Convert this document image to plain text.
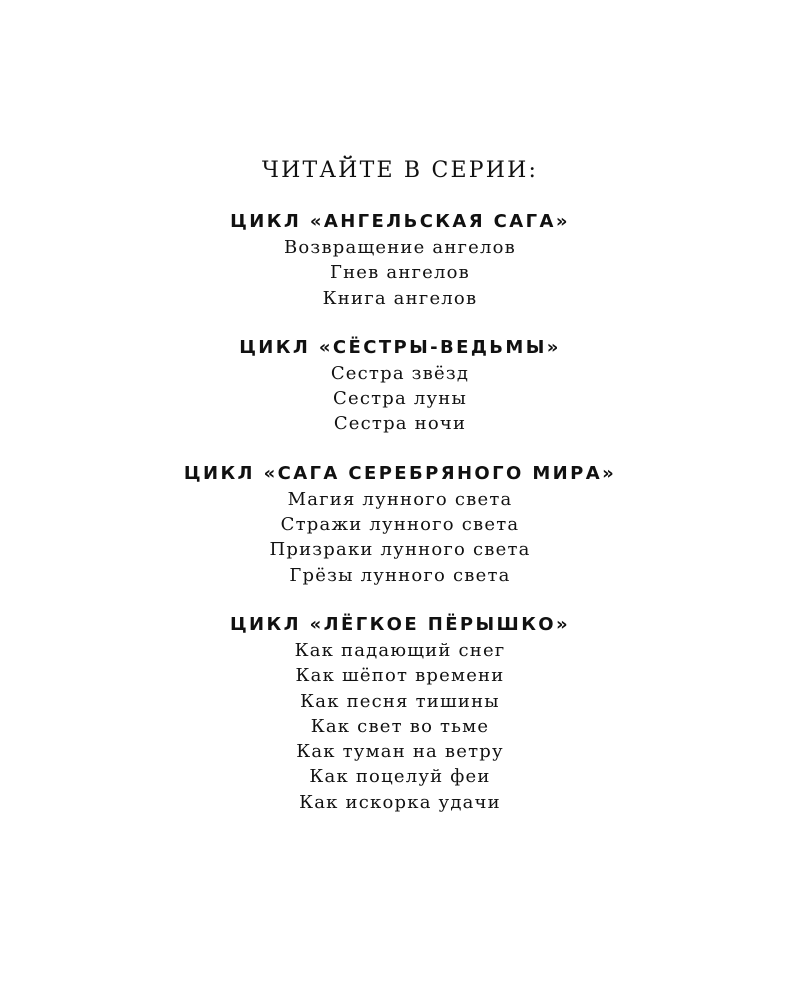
ЧИТАЙТЕ В СЕРИИ:
ЦИКЛ «АНГЕЛЬСКАЯ САГА»
Возвращение ангелов
Гнев ангелов
Книга ангелов
ЦИКЛ «СЁСТРЫ-ВЕДЬМЫ»
Сестра звёзд
Сестра луны
Сестра ночи
ЦИКЛ «САГА СЕРЕБРЯНОГО МИРА»
Магия лунного света
Стражи лунного света
Призраки лунного света
Грёзы лунного света
ЦИКЛ «ЛЁГКОЕ ПЁРЫШКО»
Как падающий снег
Как шёпот времени
Как песня тишины
Как свет во тьме
Как туман на ветру
Как поцелуй феи
Как искорка удачи
